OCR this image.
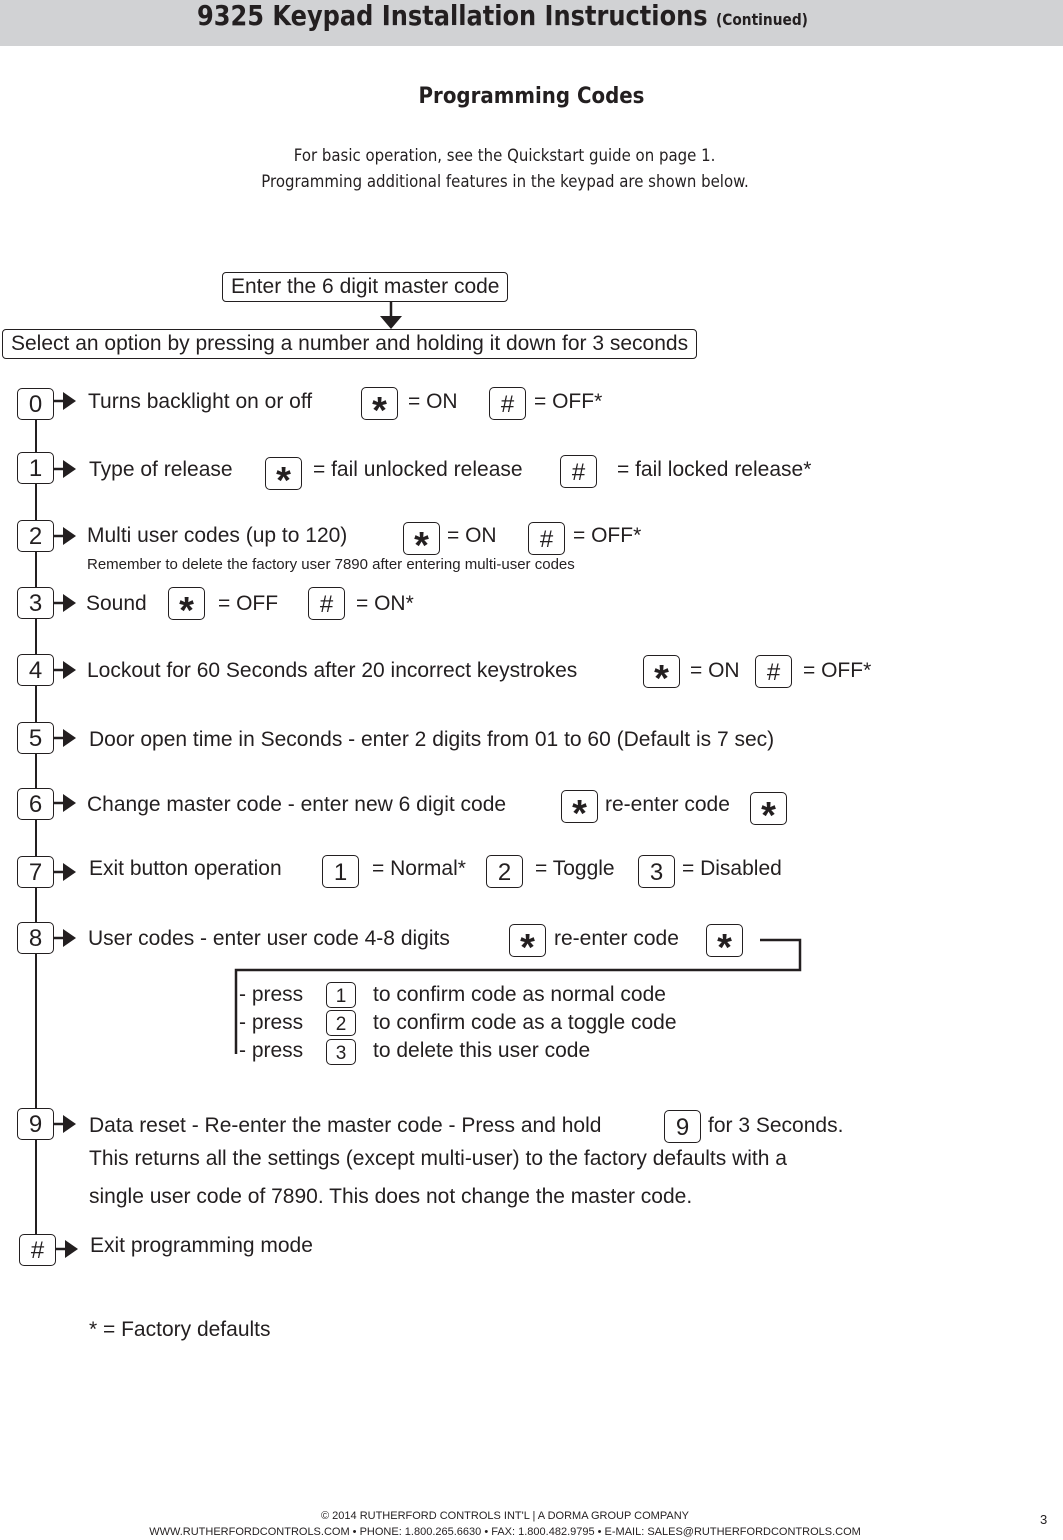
9325 Keypad Installation Instructions (Continued)
Programming Codes
For basic operation, see the Quickstart guide on page 1.
Programming additional features in the keypad are shown below.
Enter the 6 digit master code
Select an option by pressing a number and holding it down for 3 seconds
0	Turns backlight on or off *	= ON	# = OFF*
1	Type of release *	= fail unlocked release	#	= fail locked release*
2	Multi user codes (up to 120) * = ON	# = OFF*
Remember to delete the factory user 7890 after entering multi-user codes
3	Sound *	= OFF	#	= ON*
4	Lockout for 60 Seconds after 20 incorrect keystrokes *	= ON	#	= OFF*
5	Door open time in Seconds - enter 2 digits from 01 to 60 (Default is 7 sec)
6	Change master code - enter new 6 digit code * re-enter code *
7	Exit button operation	1	= Normal*	2	= Toggle	3 = Disabled
8	User codes - enter user code 4-8 digits * re-enter code *
- press	1	to confirm code as normal code
- press	2	to confirm code as a toggle code
- press	3	to delete this user code
9	Data reset - Re-enter the master code - Press and hold	9 for 3 Seconds.
This returns all the settings (except multi-user) to the factory defaults with a
single user code of 7890. This does not change the master code.
#	Exit programming mode
* = Factory defaults
© 2014 RUTHERFORD CONTROLS INT'L | A DORMA GROUP COMPANY
WWW.RUTHERFORDCONTROLS.COM • PHONE: 1.800.265.6630 • FAX: 1.800.482.9795 • E-MAIL: SALES@RUTHERFORDCONTROLS.COM
3
